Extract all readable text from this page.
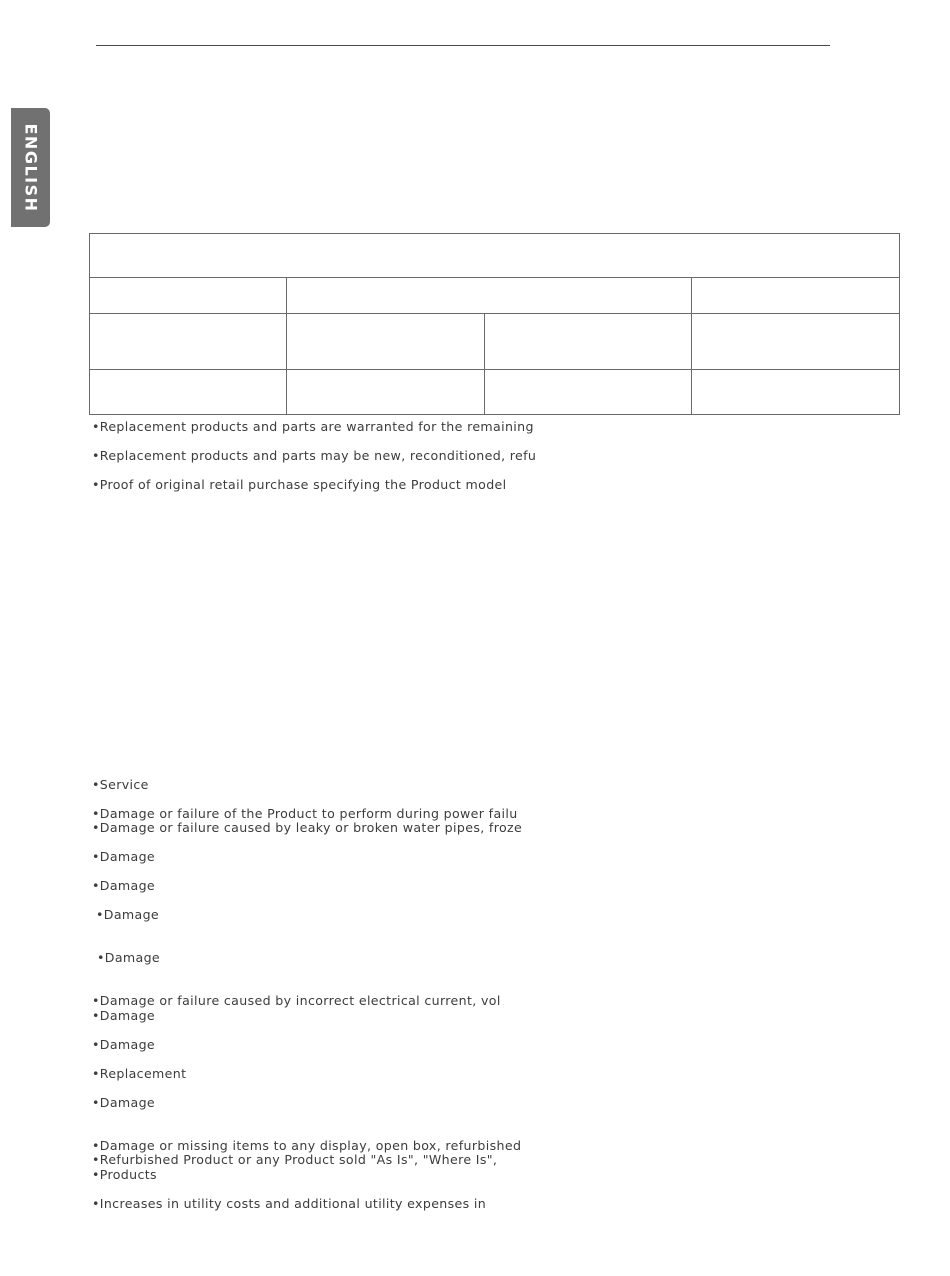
ENGLISH

•Replacement products and parts are warranted for the remaining

•Replacement products and parts may be new, reconditioned, refu

•Proof of original retail purchase specifying the Product model

•Service

•Damage or failure of the Product to perform during power failu

•Damage or failure caused by leaky or broken water pipes, froze

•Damage

•Damage

•Damage

•Damage

•Damage or failure caused by incorrect electrical current, vol

•Damage

•Damage

•Replacement

•Damage

•Damage or missing items to any display, open box, refurbished

•Refurbished Product or any Product sold "As Is", "Where Is",

•Products

•Increases in utility costs and additional utility expenses in
